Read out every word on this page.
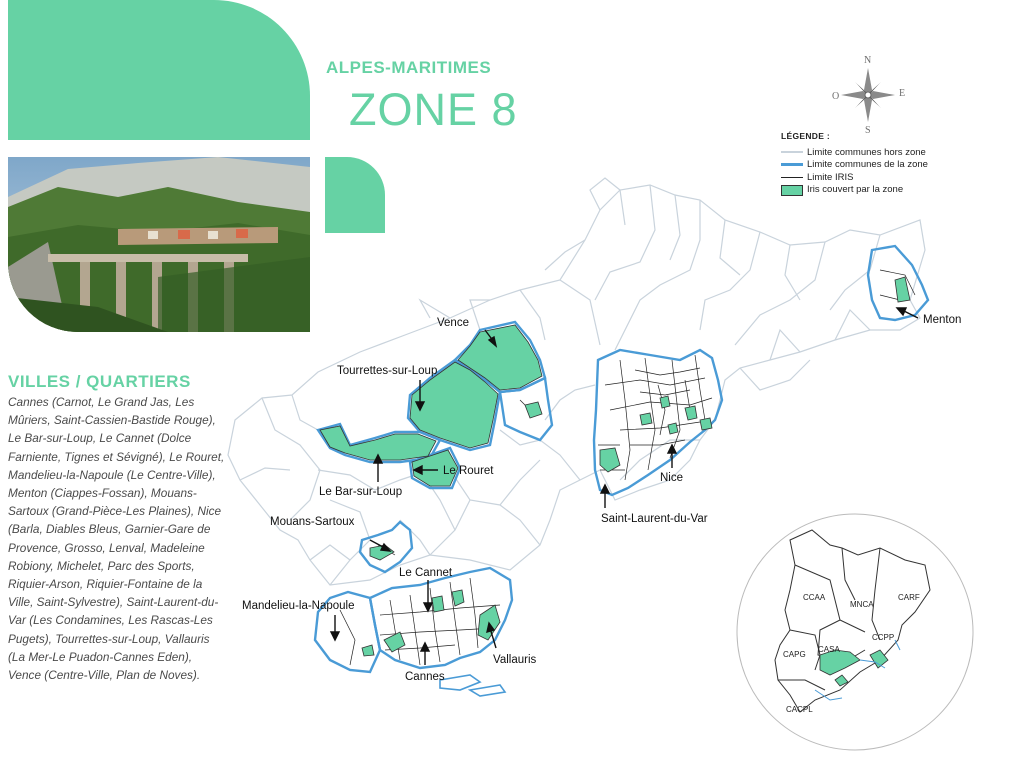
ALPES-MARITIMES
ZONE 8
VILLES / QUARTIERS
Cannes (Carnot, Le Grand Jas, Les Mûriers, Saint-Cassien-Bastide Rouge), Le Bar-sur-Loup, Le Cannet (Dolce Farniente, Tignes et Sévigné), Le Rouret, Mandelieu-la-Napoule (Le Centre-Ville), Menton (Ciappes-Fossan), Mouans-Sartoux (Grand-Pièce-Les Plaines), Nice (Barla, Diables Bleus, Garnier-Gare de Provence, Grosso, Lenval, Madeleine Robiony, Michelet, Parc des Sports, Riquier-Arson, Riquier-Fontaine de la Ville, Saint-Sylvestre), Saint-Laurent-du-Var (Les Condamines, Les Rascas-Les Pugets), Tourrettes-sur-Loup, Vallauris (La Mer-Le Puadon-Cannes Eden), Vence (Centre-Ville, Plan de Noves).
LÉGENDE :
Limite communes hors zone
Limite communes de la zone
Limite IRIS
Iris couvert par la zone
N
S
E
O
Vence
Tourrettes-sur-Loup
Le Rouret
Le Bar-sur-Loup
Mouans-Sartoux
Le Cannet
Mandelieu-la-Napoule
Cannes
Vallauris
Nice
Saint-Laurent-du-Var
Menton
CCAA
MNCA
CARF
CCPP
CASA
CAPG
CACPL
